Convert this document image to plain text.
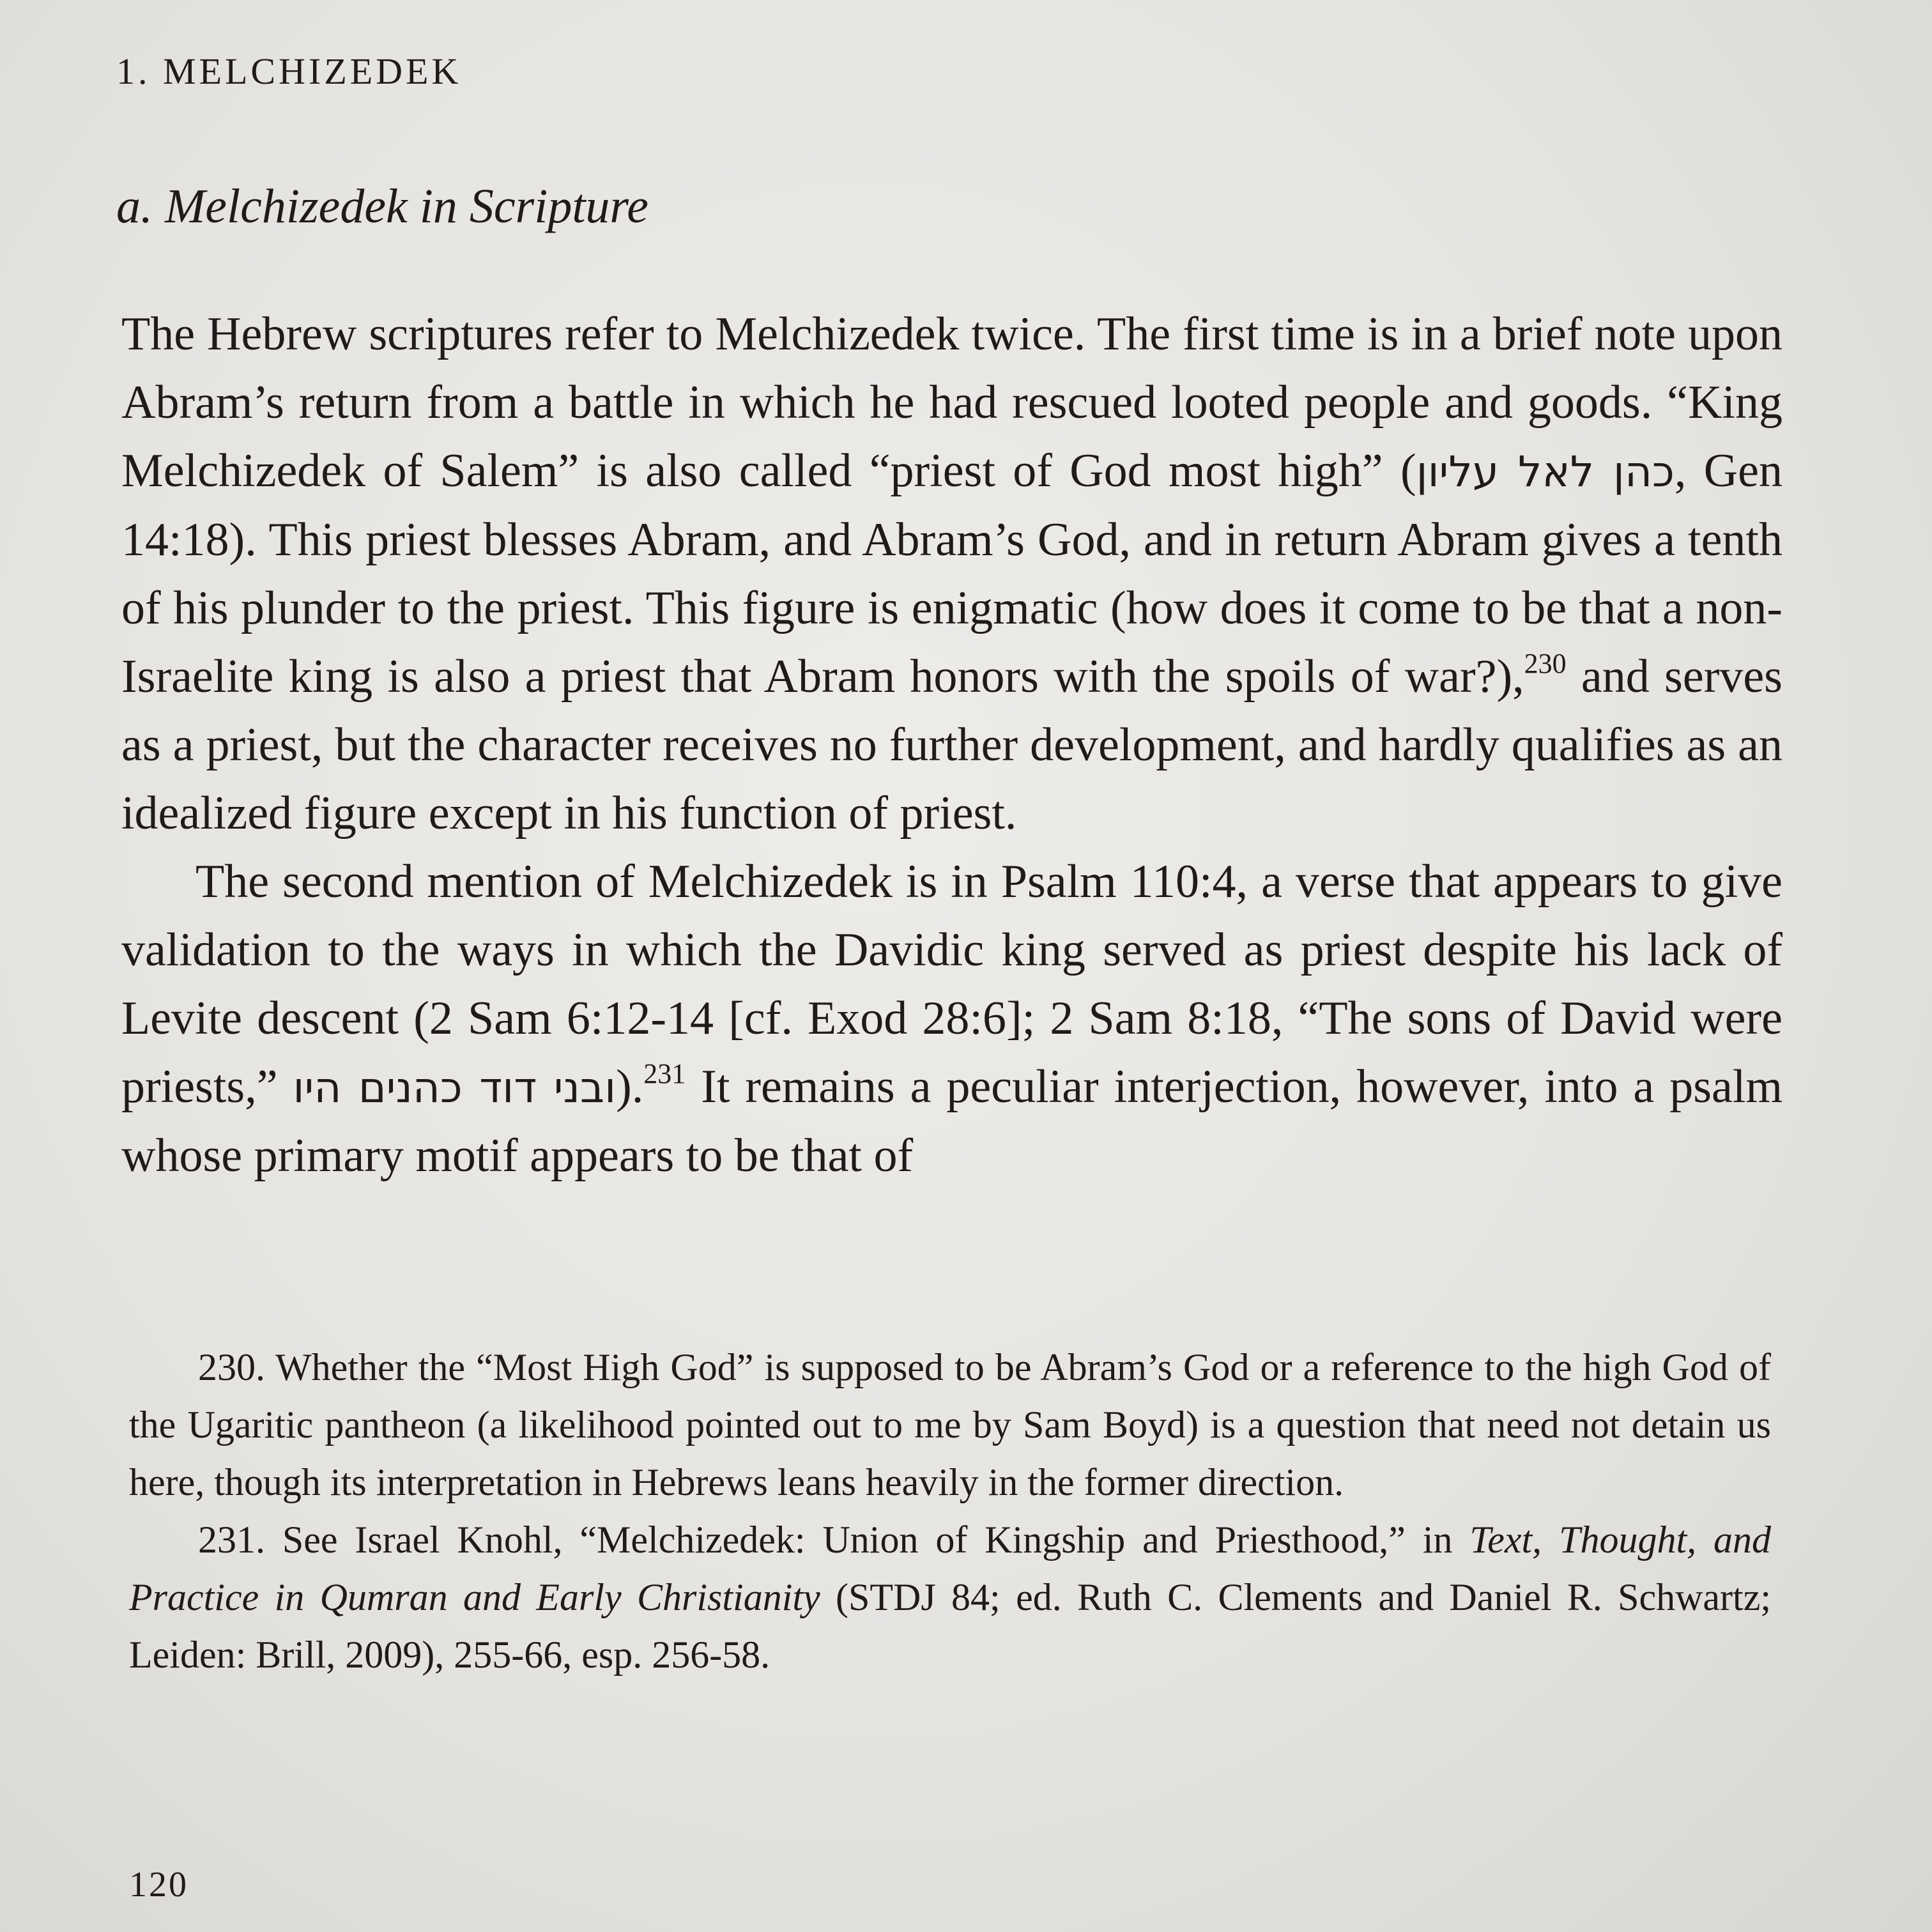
1. MELCHIZEDEK
a. Melchizedek in Scripture

The Hebrew scriptures refer to Melchizedek twice. The first time is in a brief note upon Abram’s return from a battle in which he had rescued looted people and goods. “King Melchizedek of Salem” is also called “priest of God most high” (כהן לאל עליון, Gen 14:18). This priest blesses Abram, and Abram’s God, and in return Abram gives a tenth of his plunder to the priest. This figure is enigmatic (how does it come to be that a non-Israelite king is also a priest that Abram honors with the spoils of war?),$^{230}$ and serves as a priest, but the character receives no further development, and hardly qualifies as an idealized figure except in his function of priest.

The second mention of Melchizedek is in Psalm 110:4, a verse that appears to give validation to the ways in which the Davidic king served as priest despite his lack of Levite descent (2 Sam 6:12-14 [cf. Exod 28:6]; 2 Sam 8:18, “The sons of David were priests,” ובני דוד כהנים היו).$^{231}$ It remains a peculiar interjection, however, into a psalm whose primary motif appears to be that of

230. Whether the “Most High God” is supposed to be Abram’s God or a reference to the high God of the Ugaritic pantheon (a likelihood pointed out to me by Sam Boyd) is a question that need not detain us here, though its interpretation in Hebrews leans heavily in the former direction.

231. See Israel Knohl, “Melchizedek: Union of Kingship and Priesthood,” in Text, Thought, and Practice in Qumran and Early Christianity (STDJ 84; ed. Ruth C. Clements and Daniel R. Schwartz; Leiden: Brill, 2009), 255-66, esp. 256-58.

120
